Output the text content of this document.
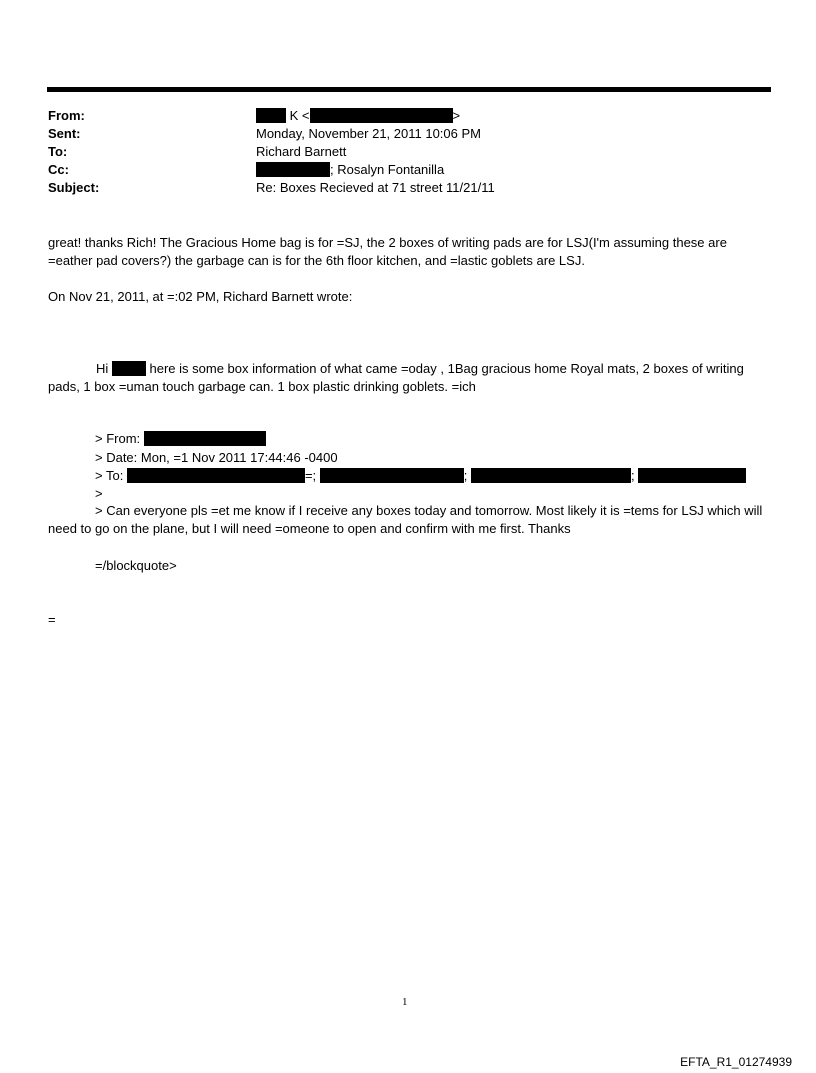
From:	K <	>
Sent:	Monday, November 21, 2011 10:06 PM
To:	Richard Barnett
Cc:	; Rosalyn Fontanilla
Subject:	Re: Boxes Recieved at 71 street 11/21/11
great! thanks Rich! The Gracious Home bag is for =SJ, the 2 boxes of writing pads are for LSJ(I'm assuming these are =eather pad covers?) the garbage can is for the 6th floor kitchen, and =lastic goblets are LSJ.
On Nov 21, 2011, at =:02 PM, Richard Barnett wrote:
Hi	here is some box information of what came =oday , 1Bag gracious home Royal mats, 2 boxes of writing pads, 1 box =uman touch garbage can. 1 box plastic drinking goblets. =ich
> From:
> Date: Mon, =1 Nov 2011 17:44:46 -0400
> To:	=;	;	;
>
> Can everyone pls =et me know if I receive any boxes today and tomorrow. Most likely it is =tems for LSJ which will need to go on the plane, but I will need =omeone to open and confirm with me first. Thanks
=/blockquote>
=
1
EFTA_R1_01274939
